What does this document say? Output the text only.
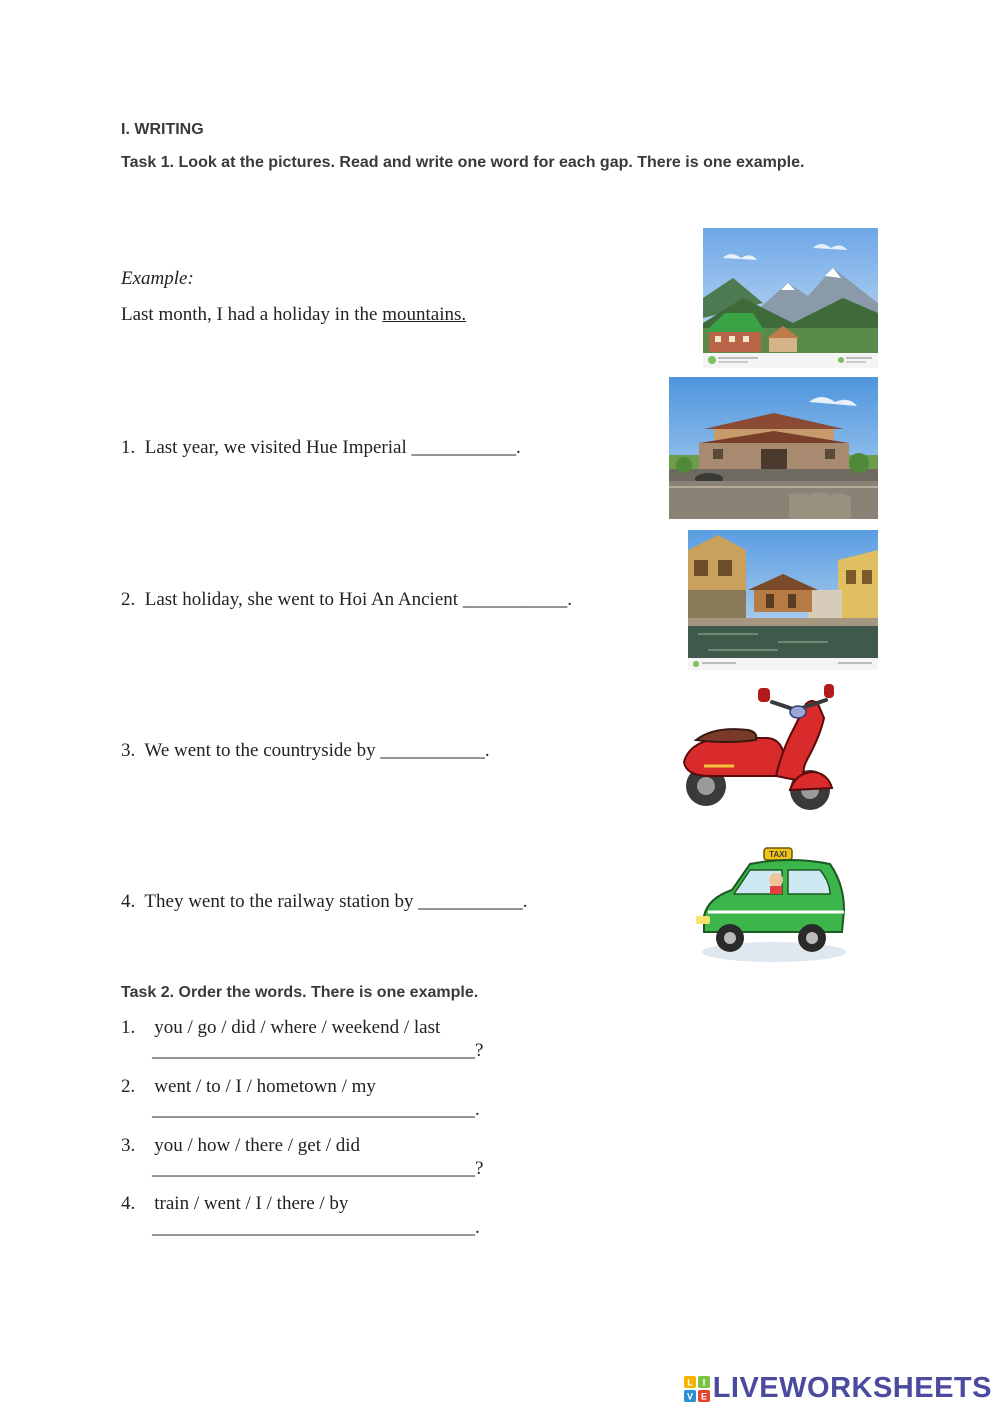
I. WRITING
Task 1. Look at the pictures. Read and write one word for each gap. There is one example.
Example:
Last month, I had a holiday in the mountains.
1. Last year, we visited Hue Imperial ___________.
2. Last holiday, she went to Hoi An Ancient ___________.
3. We went to the countryside by ___________.
4. They went to the railway station by ___________.
TAXI
Task 2. Order the words. There is one example.
1. you / go / did / where / weekend / last
__________________________________?
2. went / to / I / hometown / my
__________________________________.
3. you / how / there / get / did
__________________________________?
4. train / went / I / there / by
__________________________________.
L I
V E LIVEWORKSHEETS
